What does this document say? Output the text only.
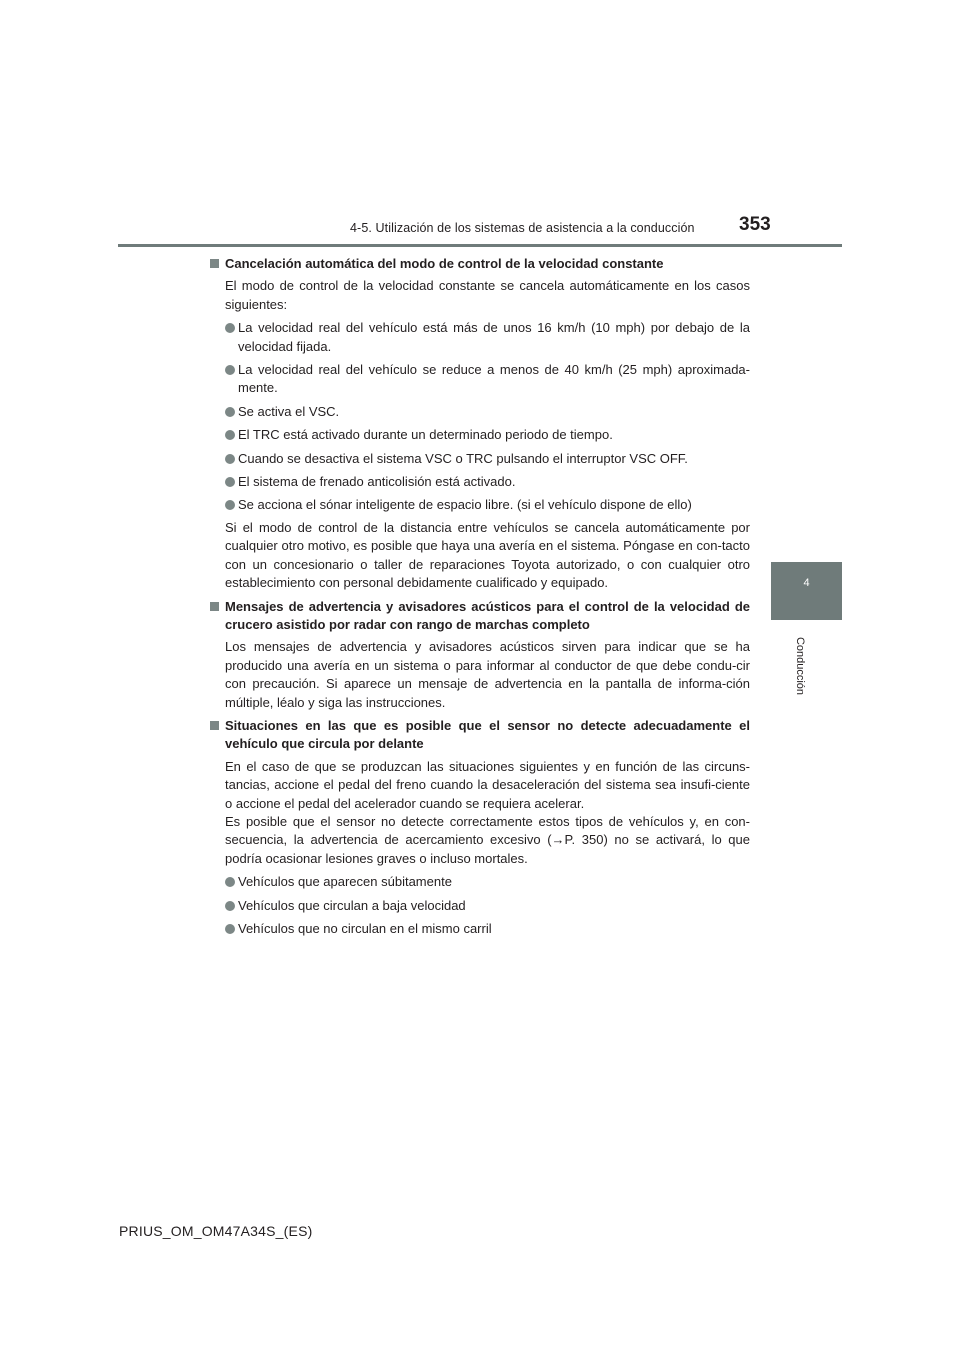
4-5. Utilización de los sistemas de asistencia a la conducción 353
4
Conducción
Cancelación automática del modo de control de la velocidad constante
El modo de control de la velocidad constante se cancela automáticamente en los casos siguientes:
La velocidad real del vehículo está más de unos 16 km/h (10 mph) por debajo de la velocidad fijada.
La velocidad real del vehículo se reduce a menos de 40 km/h (25 mph) aproximada-mente.
Se activa el VSC.
El TRC está activado durante un determinado periodo de tiempo.
Cuando se desactiva el sistema VSC o TRC pulsando el interruptor VSC OFF.
El sistema de frenado anticolisión está activado.
Se acciona el sónar inteligente de espacio libre. (si el vehículo dispone de ello)
Si el modo de control de la distancia entre vehículos se cancela automáticamente por cualquier otro motivo, es posible que haya una avería en el sistema. Póngase en con-tacto con un concesionario o taller de reparaciones Toyota autorizado, o con cualquier otro establecimiento con personal debidamente cualificado y equipado.
Mensajes de advertencia y avisadores acústicos para el control de la velocidad de crucero asistido por radar con rango de marchas completo
Los mensajes de advertencia y avisadores acústicos sirven para indicar que se ha producido una avería en un sistema o para informar al conductor de que debe condu-cir con precaución. Si aparece un mensaje de advertencia en la pantalla de informa-ción múltiple, léalo y siga las instrucciones.
Situaciones en las que es posible que el sensor no detecte adecuadamente el vehículo que circula por delante
En el caso de que se produzcan las situaciones siguientes y en función de las circuns-tancias, accione el pedal del freno cuando la desaceleración del sistema sea insufi-ciente o accione el pedal del acelerador cuando se requiera acelerar.
Es posible que el sensor no detecte correctamente estos tipos de vehículos y, en con-secuencia, la advertencia de acercamiento excesivo (→P. 350) no se activará, lo que podría ocasionar lesiones graves o incluso mortales.
Vehículos que aparecen súbitamente
Vehículos que circulan a baja velocidad
Vehículos que no circulan en el mismo carril
PRIUS_OM_OM47A34S_(ES)
